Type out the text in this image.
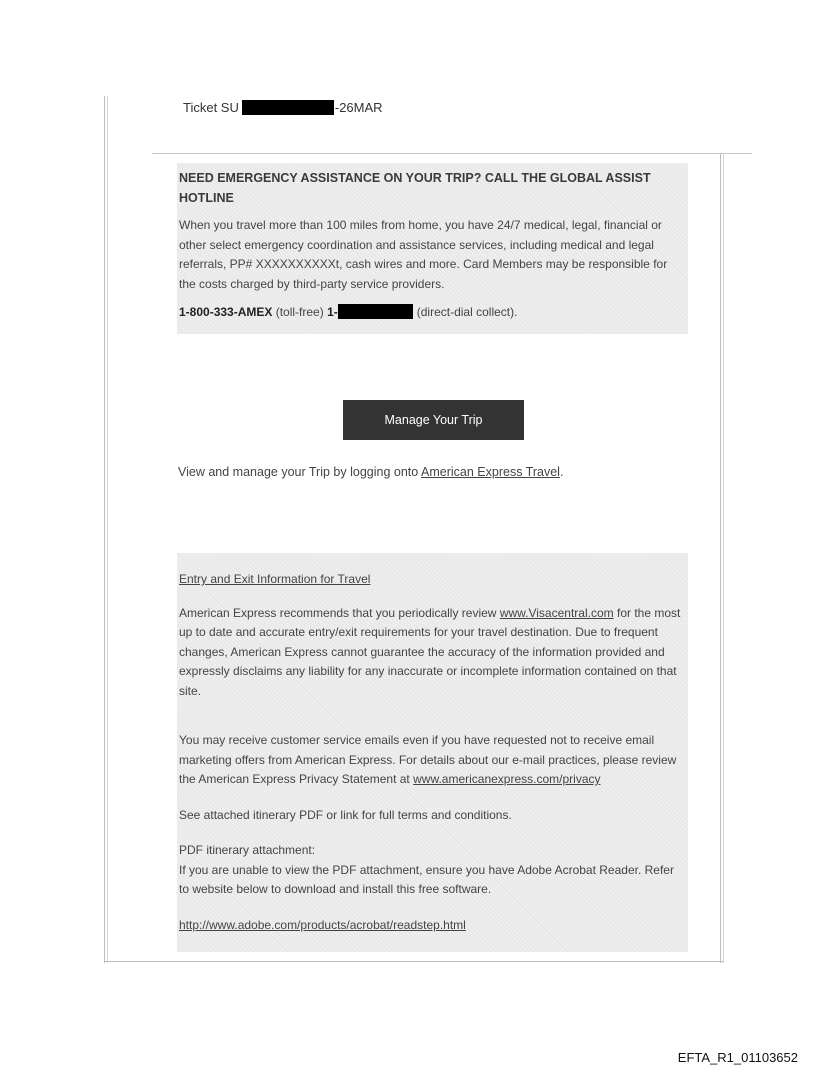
Ticket SU	-26MAR
NEED EMERGENCY ASSISTANCE ON YOUR TRIP? CALL THE GLOBAL ASSIST HOTLINE

When you travel more than 100 miles from home, you have 24/7 medical, legal, financial or other select emergency coordination and assistance services, including medical and legal referrals, PP# XXXXXXXXXXt, cash wires and more. Card Members may be responsible for the costs charged by third-party service providers.

1-800-333-AMEX (toll-free) 1-	(direct-dial collect).

Manage Your Trip
View and manage your Trip by logging onto American Express Travel.

Entry and Exit Information for Travel

American Express recommends that you periodically review www.Visacentral.com for the most up to date and accurate entry/exit requirements for your travel destination. Due to frequent changes, American Express cannot guarantee the accuracy of the information provided and expressly disclaims any liability for any inaccurate or incomplete information contained on that site.

You may receive customer service emails even if you have requested not to receive email marketing offers from American Express. For details about our e-mail practices, please review the American Express Privacy Statement at www.americanexpress.com/privacy

See attached itinerary PDF or link for full terms and conditions.

PDF itinerary attachment:

If you are unable to view the PDF attachment, ensure you have Adobe Acrobat Reader. Refer to website below to download and install this free software.

http://www.adobe.com/products/acrobat/readstep.html

EFTA_R1_01103652
